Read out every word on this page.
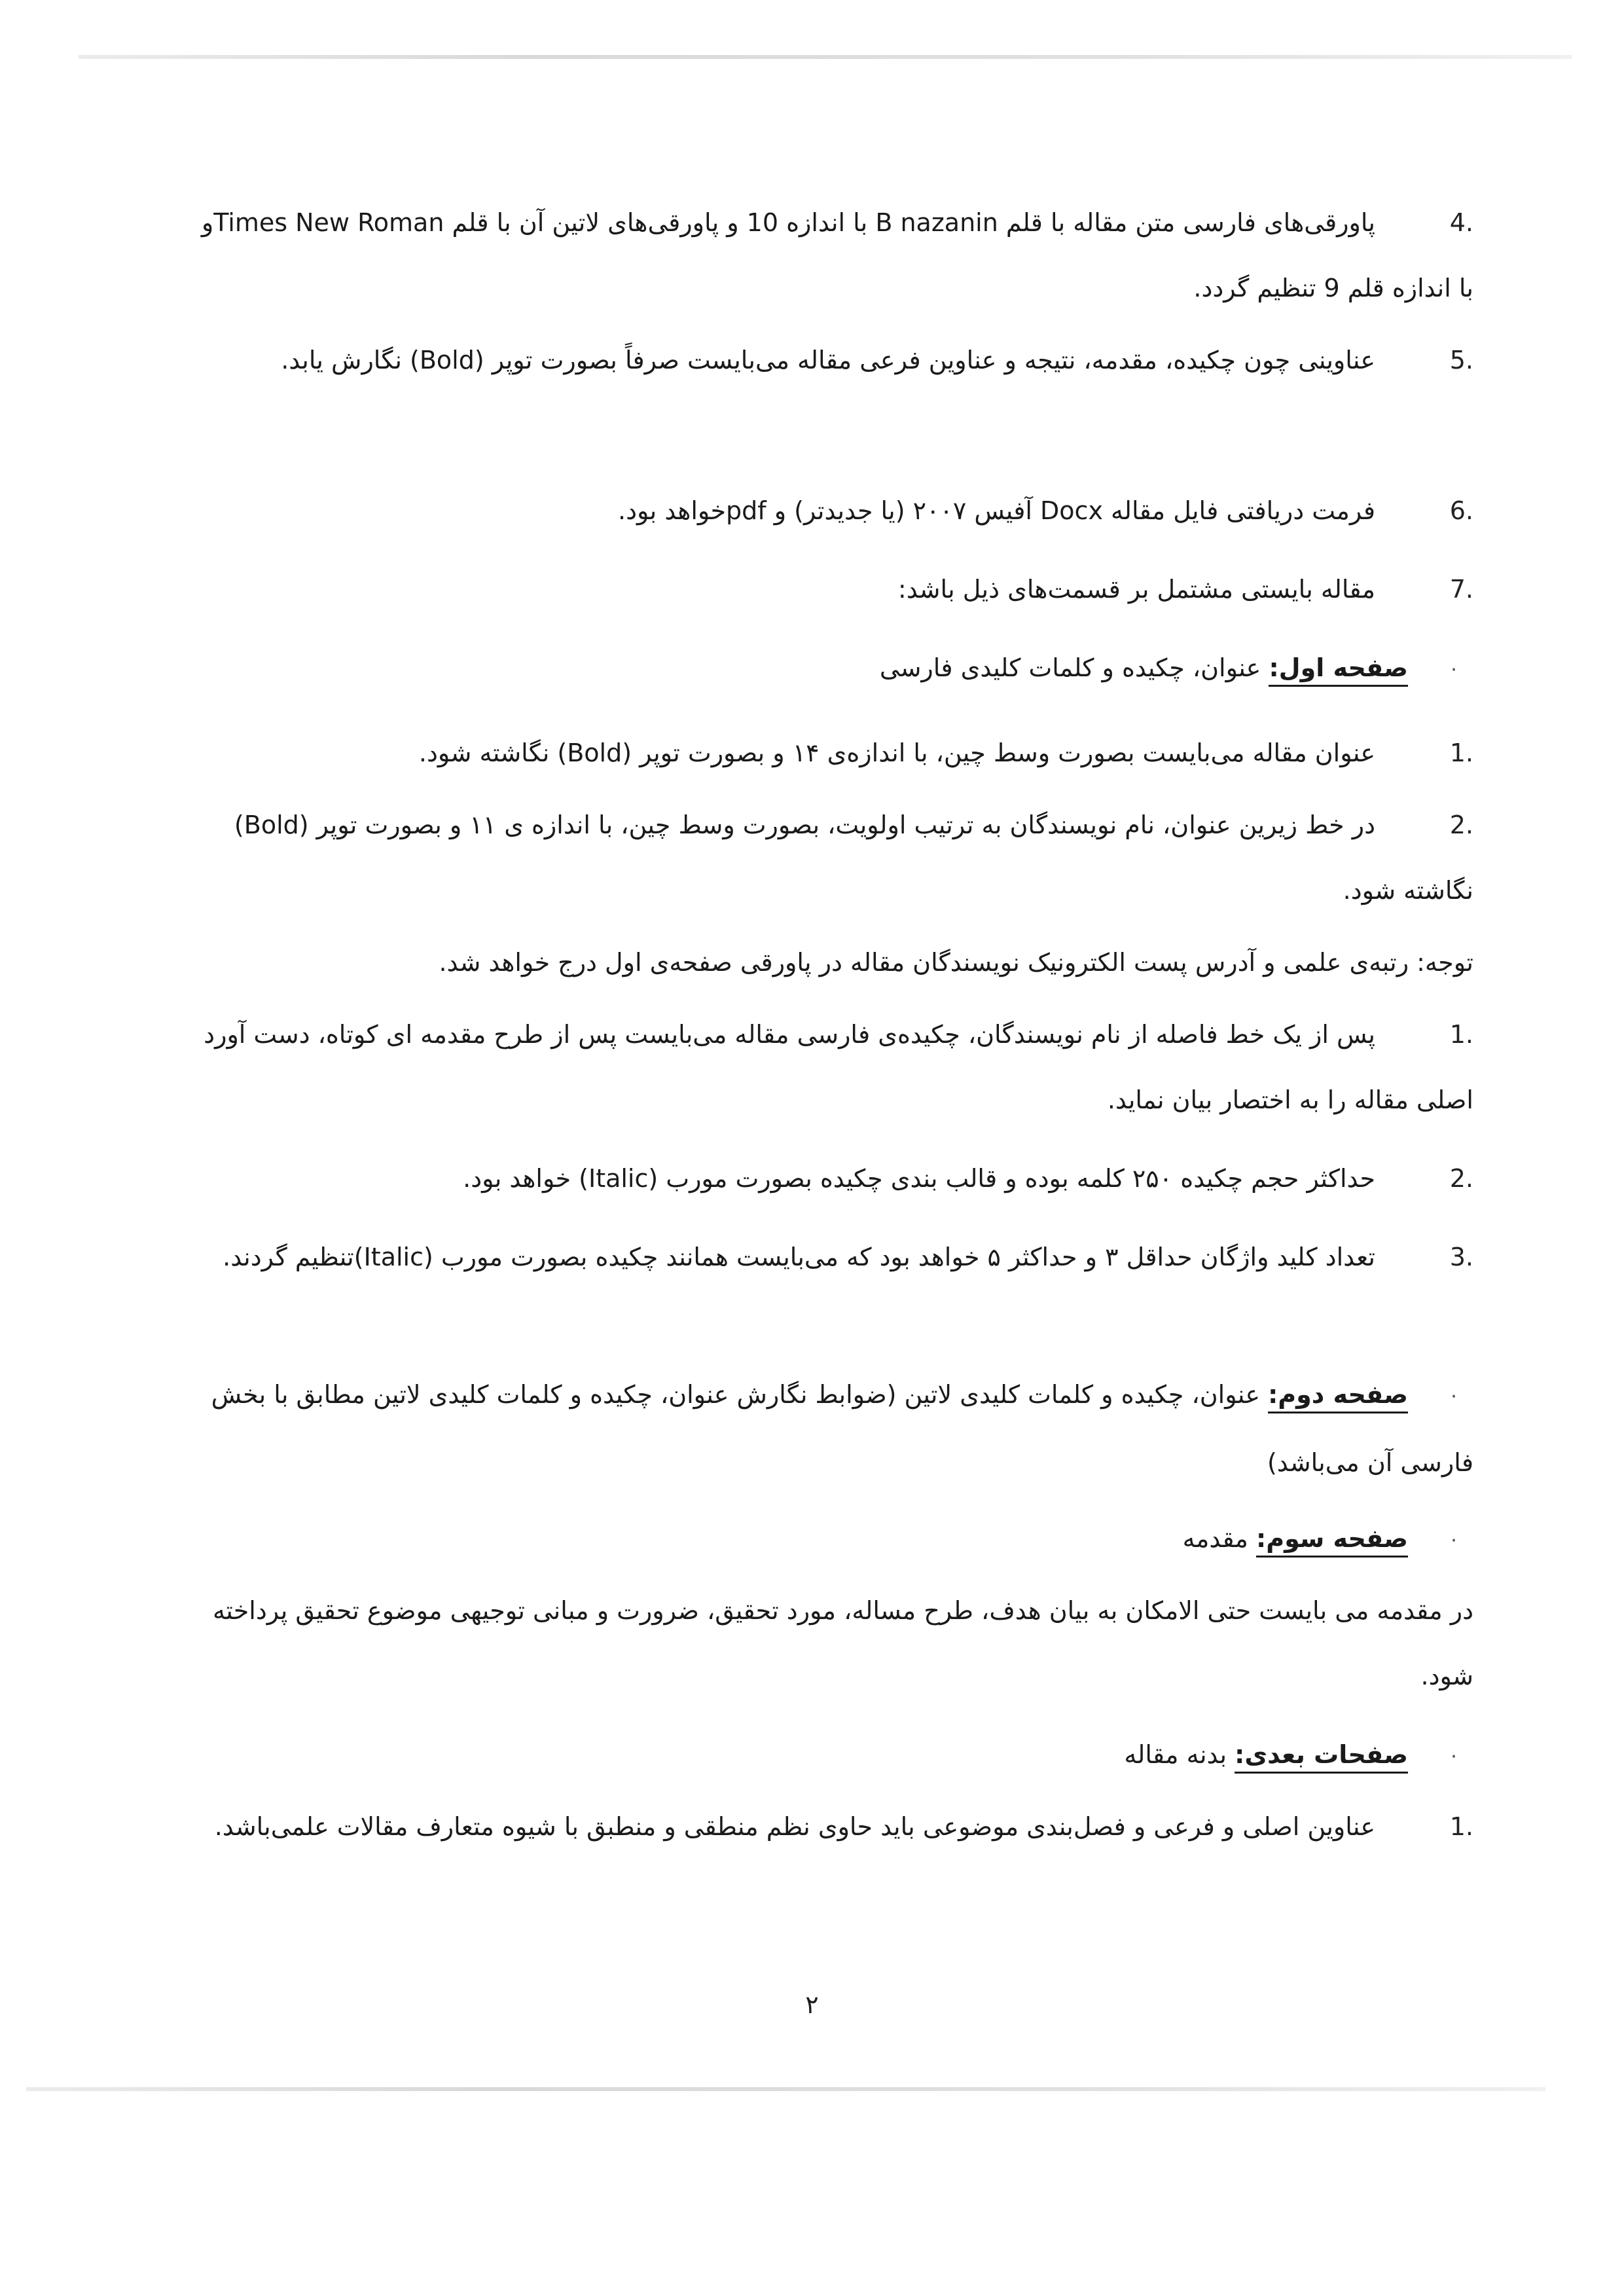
4.پاورقی‌های فارسی متن مقاله با قلم B nazanin با اندازه 10 و پاورقی‌های لاتین آن با قلم Times New Romanو با اندازه قلم 9 تنظیم گردد.
5.عناوینی چون چکیده، مقدمه، نتیجه و عناوین فرعی مقاله می‌بایست صرفاً بصورت توپر (Bold) نگارش یابد.
6.فرمت دریافتی فایل مقاله Docx آفیس ۲۰۰۷ (یا جدیدتر) و pdfخواهد بود.
7.مقاله بایستی مشتمل بر قسمت‌های ذیل باشد:
·صفحه اول: عنوان، چکیده و کلمات کلیدی فارسی
1.عنوان مقاله می‌بایست بصورت وسط چین، با اندازه‌ی ۱۴ و بصورت توپر (Bold) نگاشته شود.
2.در خط زیرین عنوان، نام نویسندگان به ترتیب اولویت، بصورت وسط چین، با اندازه ی ۱۱ و بصورت توپر (Bold) نگاشته شود.
توجه: رتبه‌ی علمی و آدرس پست الکترونیک نویسندگان مقاله در پاورقی صفحه‌ی اول درج خواهد شد.
1.پس از یک خط فاصله از نام نویسندگان، چکیده‌ی فارسی مقاله می‌بایست پس از طرح مقدمه ای کوتاه، دست آورد اصلی مقاله را به اختصار بیان نماید.
2.حداکثر حجم چکیده ۲۵۰ کلمه بوده و قالب بندی چکیده بصورت مورب (Italic) خواهد بود.
3.تعداد کلید واژگان حداقل ۳ و حداکثر ۵ خواهد بود که می‌بایست همانند چکیده بصورت مورب (Italic)تنظیم گردند.
·صفحه دوم: عنوان، چکیده و کلمات کلیدی لاتین (ضوابط نگارش عنوان، چکیده و کلمات کلیدی لاتین مطابق با بخش فارسی آن می‌باشد)
·صفحه سوم: مقدمه
در مقدمه می بایست حتی الامکان به بیان هدف، طرح مساله، مورد تحقیق، ضرورت و مبانی توجیهی موضوع تحقیق پرداخته شود.
·صفحات بعدی: بدنه مقاله
1.عناوین اصلی و فرعی و فصل‌بندی موضوعی باید حاوی نظم منطقی و منطبق با شیوه متعارف مقالات علمی‌باشد.
۲
